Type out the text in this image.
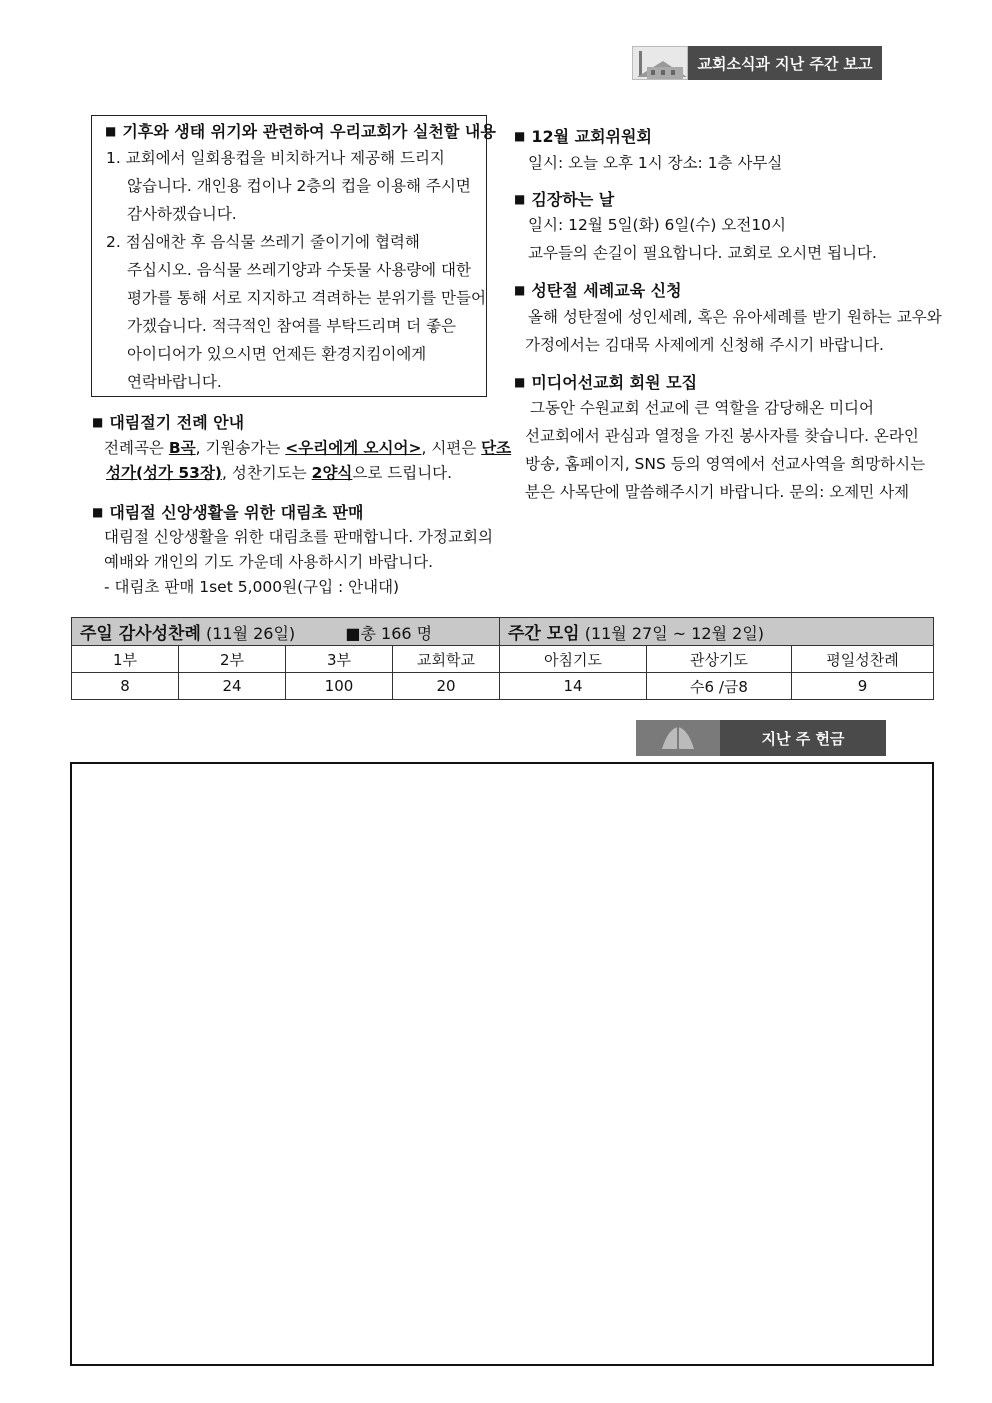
교회소식과 지난 주간 보고
■ 기후와 생태 위기와 관련하여 우리교회가 실천할 내용
1. 교회에서 일회용컵을 비치하거나 제공해 드리지
않습니다. 개인용 컵이나 2층의 컵을 이용해 주시면
감사하겠습니다.
2. 점심애찬 후 음식물 쓰레기 줄이기에 협력해
주십시오. 음식물 쓰레기양과 수돗물 사용량에 대한
평가를 통해 서로 지지하고 격려하는 분위기를 만들어
가겠습니다. 적극적인 참여를 부탁드리며 더 좋은
아이디어가 있으시면 언제든 환경지킴이에게
연락바랍니다.
■ 대림절기 전례 안내
전례곡은 B곡, 기원송가는 <우리에게 오시어>, 시편은 단조
성가(성가 53장), 성찬기도는 2양식으로 드립니다.
■ 대림절 신앙생활을 위한 대림초 판매
대림절 신앙생활을 위한 대림초를 판매합니다. 가정교회의
예배와 개인의 기도 가운데 사용하시기 바랍니다.
- 대림초 판매 1set 5,000원(구입 : 안내대)
■ 12월 교회위원회
일시: 오늘 오후 1시 장소: 1층 사무실
■ 김장하는 날
일시: 12월 5일(화) 6일(수) 오전10시
교우들의 손길이 필요합니다. 교회로 오시면 됩니다.
■ 성탄절 세례교육 신청
올해 성탄절에 성인세례, 혹은 유아세례를 받기 원하는 교우와
가정에서는 김대묵 사제에게 신청해 주시기 바랍니다.
■ 미디어선교회 회원 모집
그동안 수원교회 선교에 큰 역할을 감당해온 미디어
선교회에서 관심과 열정을 가진 봉사자를 찾습니다. 온라인
방송, 홈페이지, SNS 등의 영역에서 선교사역을 희망하시는
분은 사목단에 말씀해주시기 바랍니다. 문의: 오제민 사제
주일 감사성찬례 (11월 26일) ■총 166 명				주간 모임 (11월 27일 ~ 12월 2일)		
1부	2부	3부	교회학교	아침기도	관상기도	평일성찬례
8	24	100	20	14	수6 /금8	9
지난 주 헌금
